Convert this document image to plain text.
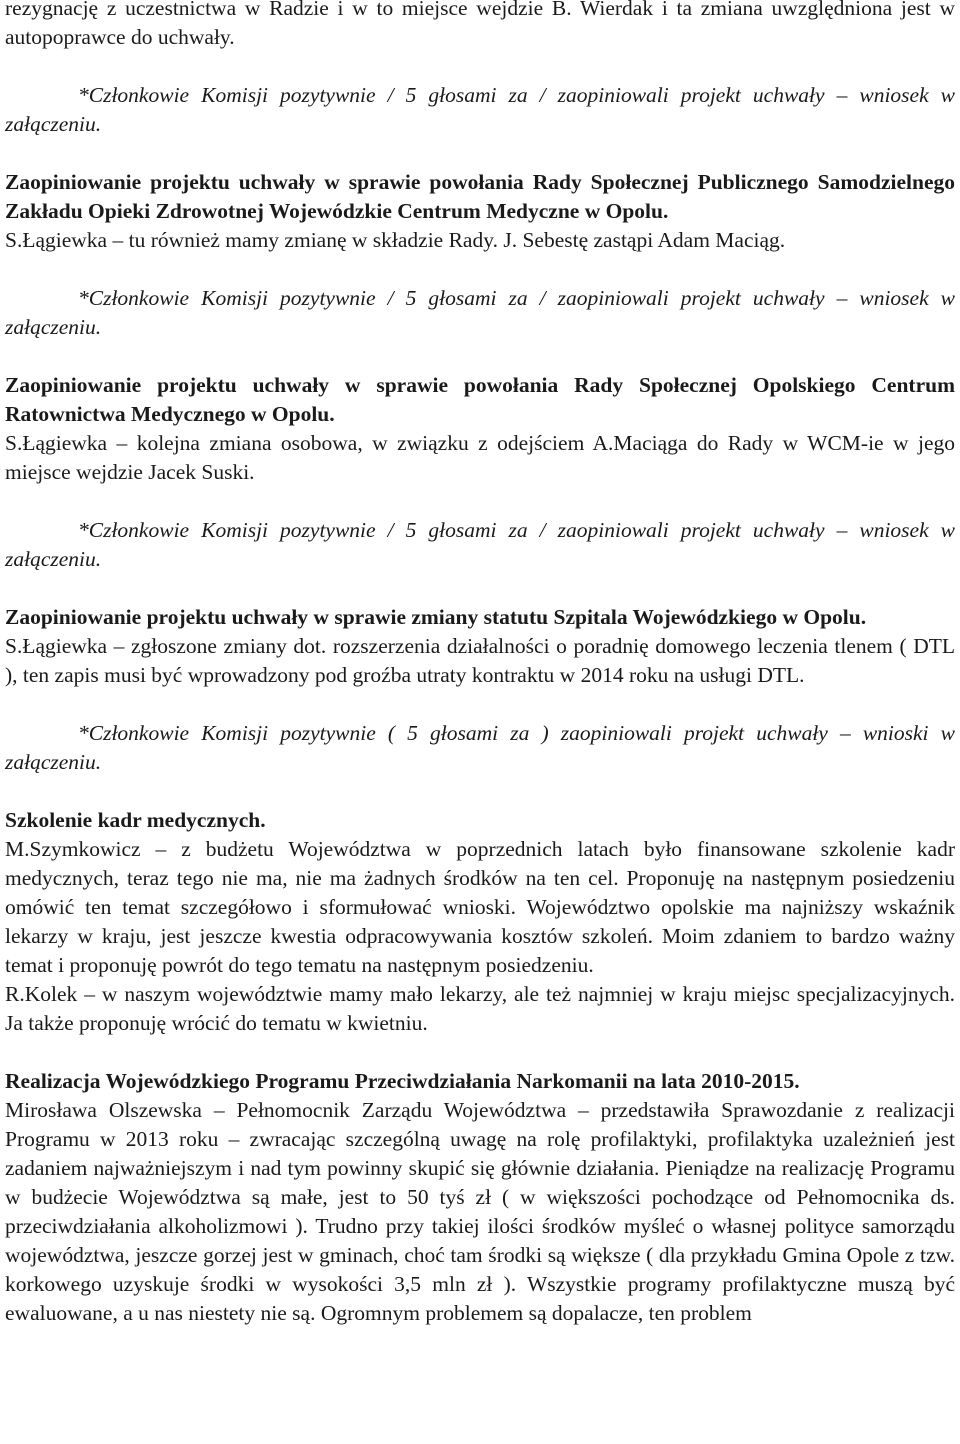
rezygnację z uczestnictwa w Radzie i w to miejsce wejdzie B. Wierdak i ta zmiana uwzględniona jest w autopoprawce do uchwały.

*Członkowie Komisji pozytywnie / 5 głosami za / zaopiniowali projekt uchwały – wniosek w załączeniu.

Zaopiniowanie projektu uchwały w sprawie powołania Rady Społecznej Publicznego Samodzielnego Zakładu Opieki Zdrowotnej Wojewódzkie Centrum Medyczne w Opolu.

S.Łągiewka – tu również mamy zmianę w składzie Rady. J. Sebestę zastąpi Adam Maciąg.

*Członkowie Komisji pozytywnie / 5 głosami za / zaopiniowali projekt uchwały – wniosek w załączeniu.

Zaopiniowanie projektu uchwały w sprawie powołania Rady Społecznej Opolskiego Centrum Ratownictwa Medycznego w Opolu.

S.Łągiewka – kolejna zmiana osobowa, w związku z odejściem A.Maciąga do Rady w WCM-ie w jego miejsce wejdzie Jacek Suski.

*Członkowie Komisji pozytywnie / 5 głosami za / zaopiniowali projekt uchwały – wniosek w załączeniu.

Zaopiniowanie projektu uchwały w sprawie zmiany statutu Szpitala Wojewódzkiego w Opolu.

S.Łągiewka – zgłoszone zmiany dot. rozszerzenia działalności o poradnię domowego leczenia tlenem ( DTL ), ten zapis musi być wprowadzony pod groźba utraty kontraktu w 2014 roku na usługi DTL.

*Członkowie Komisji pozytywnie ( 5 głosami za ) zaopiniowali projekt uchwały – wnioski w załączeniu.

Szkolenie kadr medycznych.

M.Szymkowicz – z budżetu Województwa w poprzednich latach było finansowane szkolenie kadr medycznych, teraz tego nie ma, nie ma żadnych środków na ten cel. Proponuję na następnym posiedzeniu omówić ten temat szczegółowo i sformułować wnioski. Województwo opolskie ma najniższy wskaźnik lekarzy w kraju, jest jeszcze kwestia odpracowywania kosztów szkoleń. Moim zdaniem to bardzo ważny temat i proponuję powrót do tego tematu na następnym posiedzeniu.

R.Kolek – w naszym województwie mamy mało lekarzy, ale też najmniej w kraju miejsc specjalizacyjnych. Ja także proponuję wrócić do tematu w kwietniu.

Realizacja Wojewódzkiego Programu Przeciwdziałania Narkomanii na lata 2010-2015.

Mirosława Olszewska – Pełnomocnik Zarządu Województwa – przedstawiła Sprawozdanie z realizacji Programu w 2013 roku – zwracając szczególną uwagę na rolę profilaktyki, profilaktyka uzależnień jest zadaniem najważniejszym i nad tym powinny skupić się głównie działania. Pieniądze na realizację Programu w budżecie Województwa są małe, jest to 50 tyś zł ( w większości pochodzące od Pełnomocnika ds. przeciwdziałania alkoholizmowi ). Trudno przy takiej ilości środków myśleć o własnej polityce samorządu województwa, jeszcze gorzej jest w gminach, choć tam środki są większe ( dla przykładu Gmina Opole z tzw. korkowego uzyskuje środki w wysokości 3,5 mln zł ). Wszystkie programy profilaktyczne muszą być ewaluowane, a u nas niestety nie są. Ogromnym problemem są dopalacze, ten problem
